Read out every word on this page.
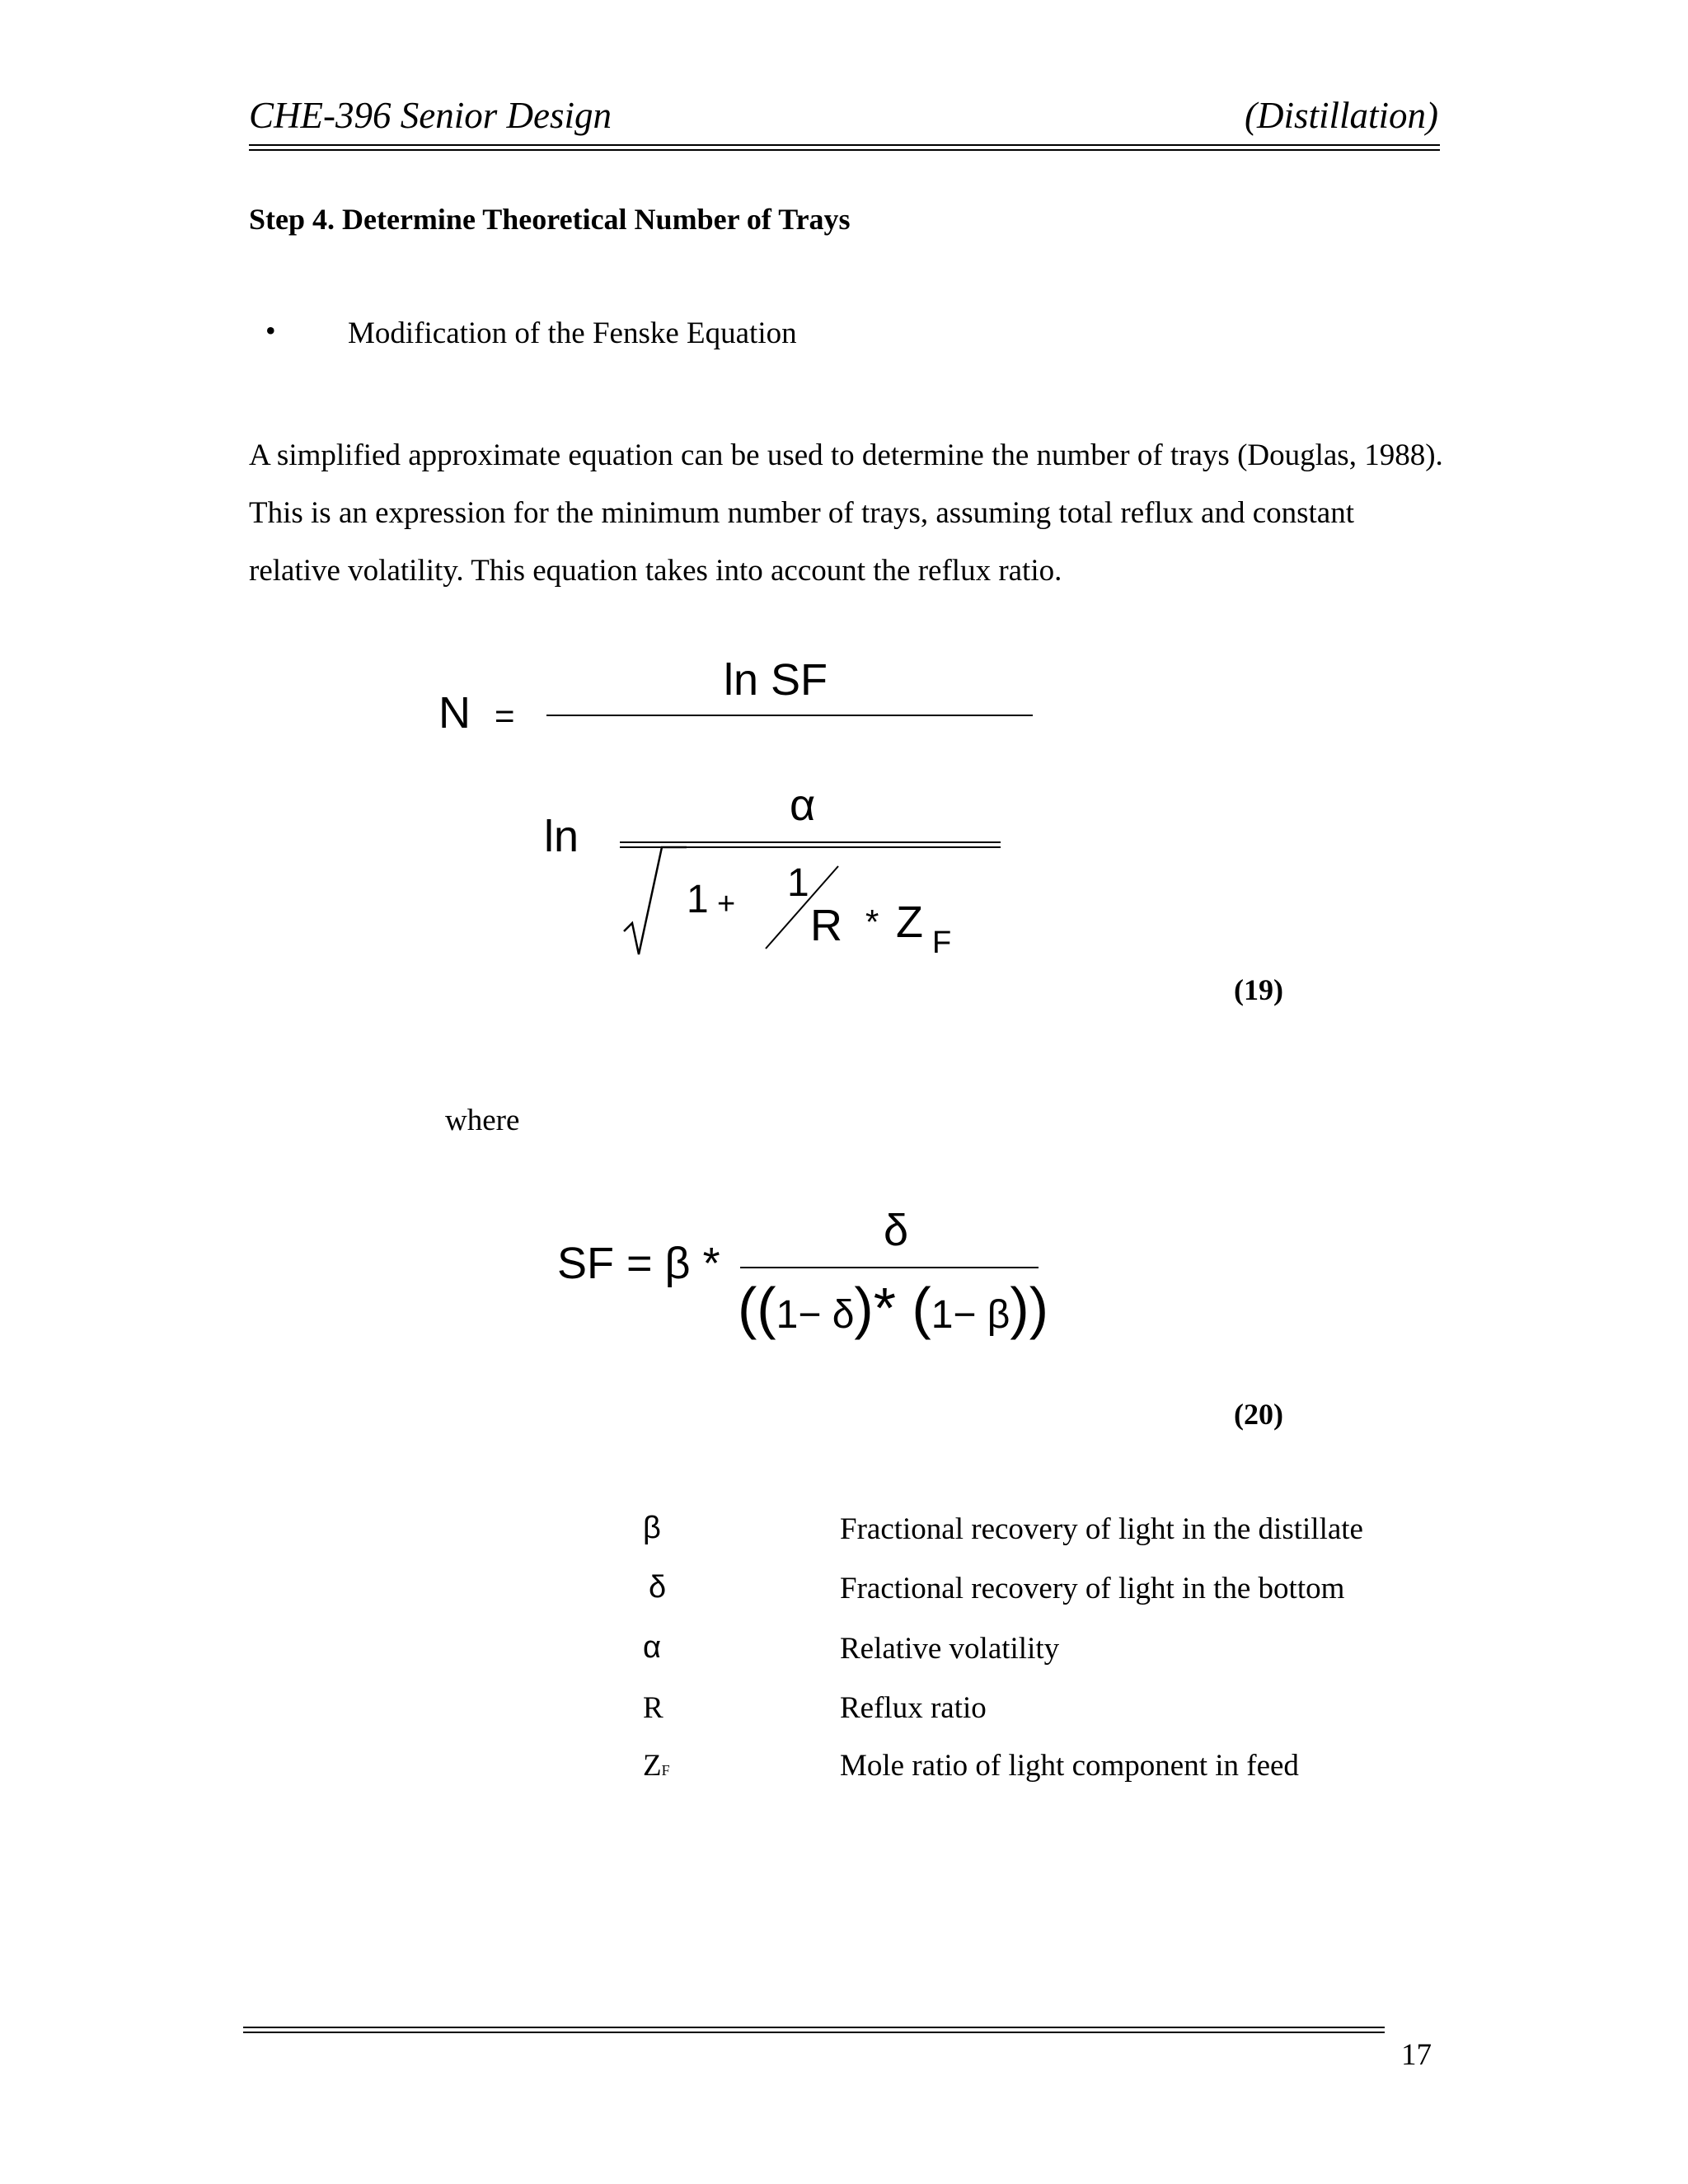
CHE-396 Senior Design	(Distillation)
Step 4. Determine Theoretical Number of Trays
• Modification of the Fenske Equation
A simplified approximate equation can be used to determine the number of trays (Douglas, 1988). This is an expression for the minimum number of trays, assuming total reflux and constant relative volatility. This equation takes into account the reflux ratio.
N =
ln SF
ln
α
1 + 1
R * Z F
(19)
where
SF = β *
δ
((1− δ)* (1− β))
(20)
β	Fractional recovery of light in the distillate
δ	Fractional recovery of light in the bottom
α	Relative volatility
R	Reflux ratio
ZF	Mole ratio of light component in feed
17
